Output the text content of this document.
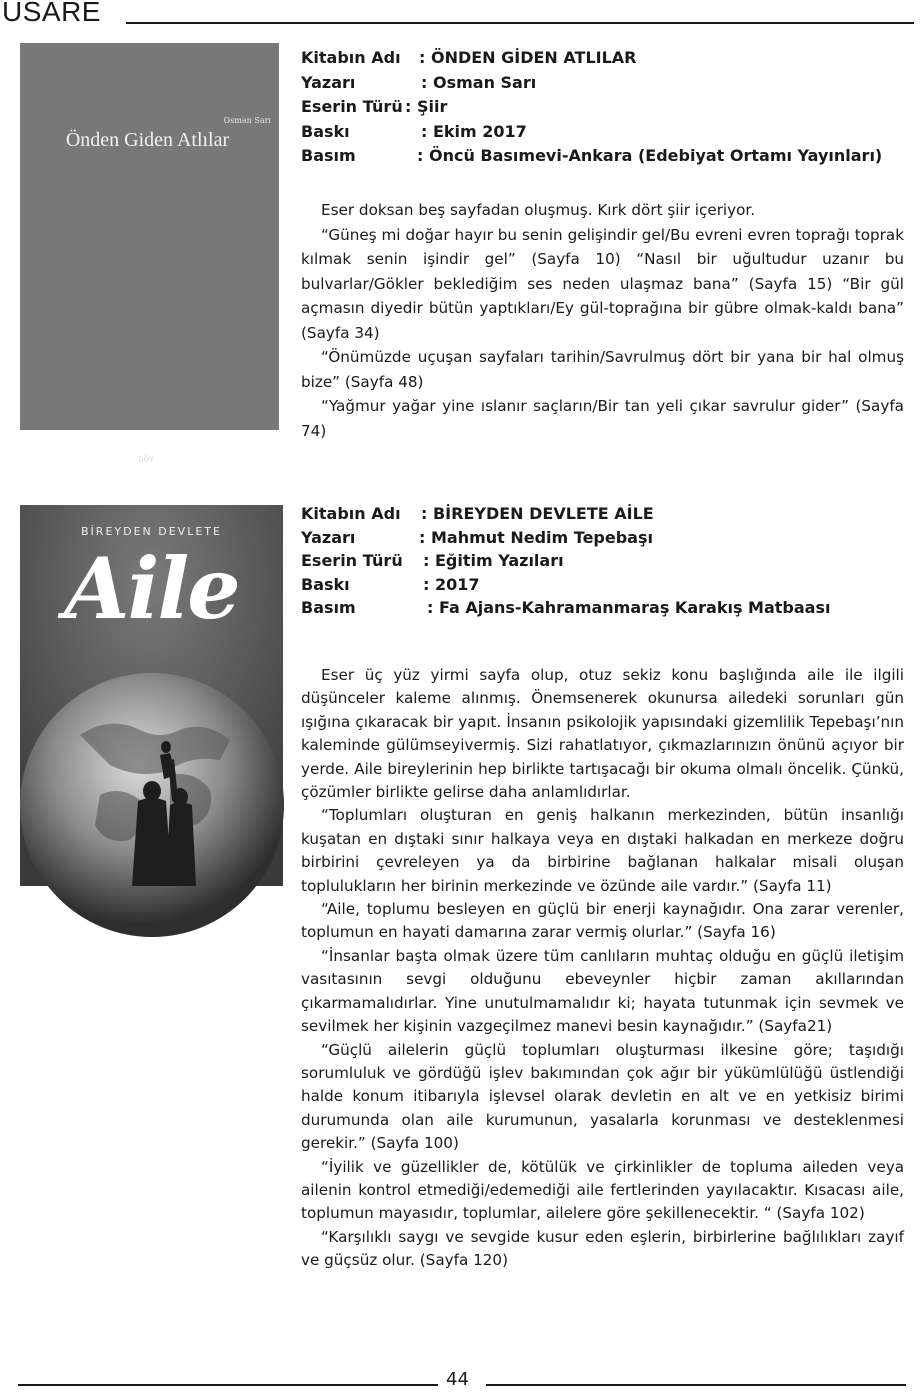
USARE
Osman Sarı
Önden Giden Atlılar
DÖY
Kitabın Adı : ÖNDEN GİDEN ATLILAR
Yazarı	: Osman Sarı
Eserin Türü : Şiir
Baskı	: Ekim 2017
Basım	: Öncü Basımevi-Ankara (Edebiyat Ortamı Yayınları)

Eser doksan beş sayfadan oluşmuş. Kırk dört şiir içeriyor.

“Güneş mi doğar hayır bu senin gelişindir gel/Bu evreni evren toprağı toprak kılmak senin işindir gel” (Sayfa 10) “Nasıl bir uğultudur uzanır bu bulvarlar/Gökler beklediğim ses neden ulaşmaz bana” (Sayfa 15) “Bir gül açmasın diyedir bütün yaptıkları/Ey gül-toprağına bir gübre olmak-kaldı bana” (Sayfa 34)

“Önümüzde uçuşan sayfaları tarihin/Savrulmuş dört bir yana bir hal olmuş bize” (Sayfa 48)

“Yağmur yağar yine ıslanır saçların/Bir tan yeli çıkar savrulur gider” (Sayfa 74)

BİREYDEN DEVLETE
Aile
Kitabın Adı : BİREYDEN DEVLETE AİLE
Yazarı	: Mahmut Nedim Tepebaşı
Eserin Türü : Eğitim Yazıları
Baskı	: 2017
Basım	: Fa Ajans-Kahramanmaraş Karakış Matbaası

Eser üç yüz yirmi sayfa olup, otuz sekiz konu başlığında aile ile ilgili düşünceler kaleme alınmış. Önemsenerek okunursa ailedeki sorunları gün ışığına çıkaracak bir yapıt. İnsanın psikolojik yapısındaki gizemlilik Tepebaşı’nın kaleminde gülümseyivermiş. Sizi rahatlatıyor, çıkmazlarınızın önünü açıyor bir yerde. Aile bireylerinin hep birlikte tartışacağı bir okuma olmalı öncelik. Çünkü, çözümler birlikte gelirse daha anlamlıdırlar.

“Toplumları oluşturan en geniş halkanın merkezinden, bütün insanlığı kuşatan en dıştaki sınır halkaya veya en dıştaki halkadan en merkeze doğru birbirini çevreleyen ya da birbirine bağlanan halkalar misali oluşan toplulukların her birinin merkezinde ve özünde aile vardır.” (Sayfa 11)

“Aile, toplumu besleyen en güçlü bir enerji kaynağıdır. Ona zarar verenler, toplumun en hayati damarına zarar vermiş olurlar.” (Sayfa 16)

“İnsanlar başta olmak üzere tüm canlıların muhtaç olduğu en güçlü iletişim vasıtasının sevgi olduğunu ebeveynler hiçbir zaman akıllarından çıkarmamalıdırlar. Yine unutulmamalıdır ki; hayata tutunmak için sevmek ve sevilmek her kişinin vazgeçilmez manevi besin kaynağıdır.” (Sayfa21)

“Güçlü ailelerin güçlü toplumları oluşturması ilkesine göre; taşıdığı sorumluluk ve gördüğü işlev bakımından çok ağır bir yükümlülüğü üstlendiği halde konum itibarıyla işlevsel olarak devletin en alt ve en yetkisiz birimi durumunda olan aile kurumunun, yasalarla korunması ve desteklenmesi gerekir.” (Sayfa 100)

“İyilik ve güzellikler de, kötülük ve çirkinlikler de topluma aileden veya ailenin kontrol etmediği/edemediği aile fertlerinden yayılacaktır. Kısacası aile, toplumun mayasıdır, toplumlar, ailelere göre şekillenecektir. “ (Sayfa 102)

“Karşılıklı saygı ve sevgide kusur eden eşlerin, birbirlerine bağlılıkları zayıf ve güçsüz olur. (Sayfa 120)

44
